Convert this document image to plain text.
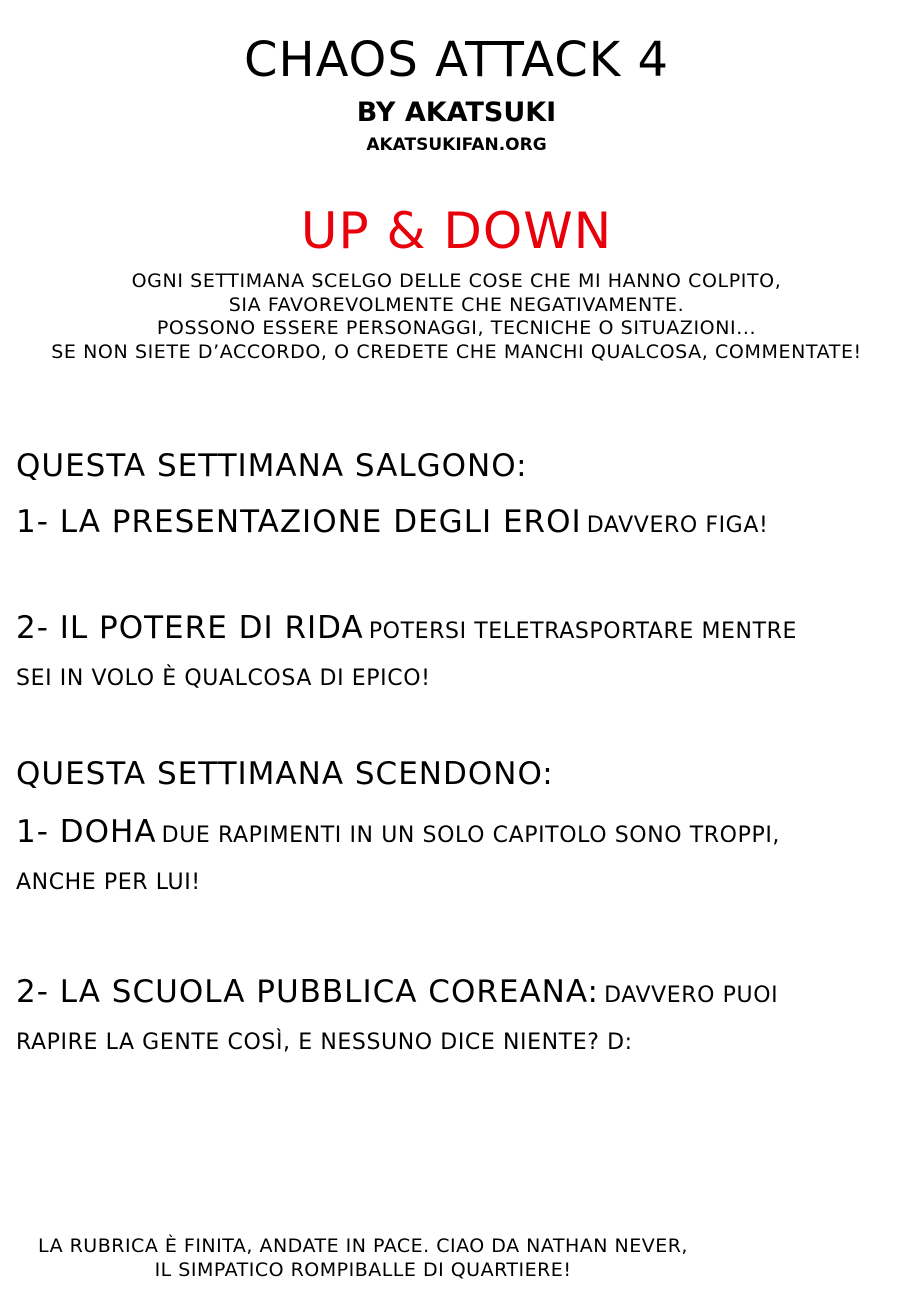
CHAOS ATTACK 4
BY AKATSUKI
AKATSUKIFAN.ORG
UP & DOWN
OGNI SETTIMANA SCELGO DELLE COSE CHE MI HANNO COLPITO,
SIA FAVOREVOLMENTE CHE NEGATIVAMENTE.
POSSONO ESSERE PERSONAGGI, TECNICHE O SITUAZIONI...
SE NON SIETE D’ACCORDO, O CREDETE CHE MANCHI QUALCOSA, COMMENTATE!
QUESTA SETTIMANA SALGONO:
1- LA PRESENTAZIONE DEGLI EROI DAVVERO FIGA!
2- IL POTERE DI RIDA POTERSI TELETRASPORTARE MENTRE
SEI IN VOLO È QUALCOSA DI EPICO!
QUESTA SETTIMANA SCENDONO:
1- DOHA DUE RAPIMENTI IN UN SOLO CAPITOLO SONO TROPPI,
ANCHE PER LUI!
2- LA SCUOLA PUBBLICA COREANA: DAVVERO PUOI
RAPIRE LA GENTE COSÌ, E NESSUNO DICE NIENTE? D:
LA RUBRICA È FINITA, ANDATE IN PACE. CIAO DA NATHAN NEVER,
IL SIMPATICO ROMPIBALLE DI QUARTIERE!
